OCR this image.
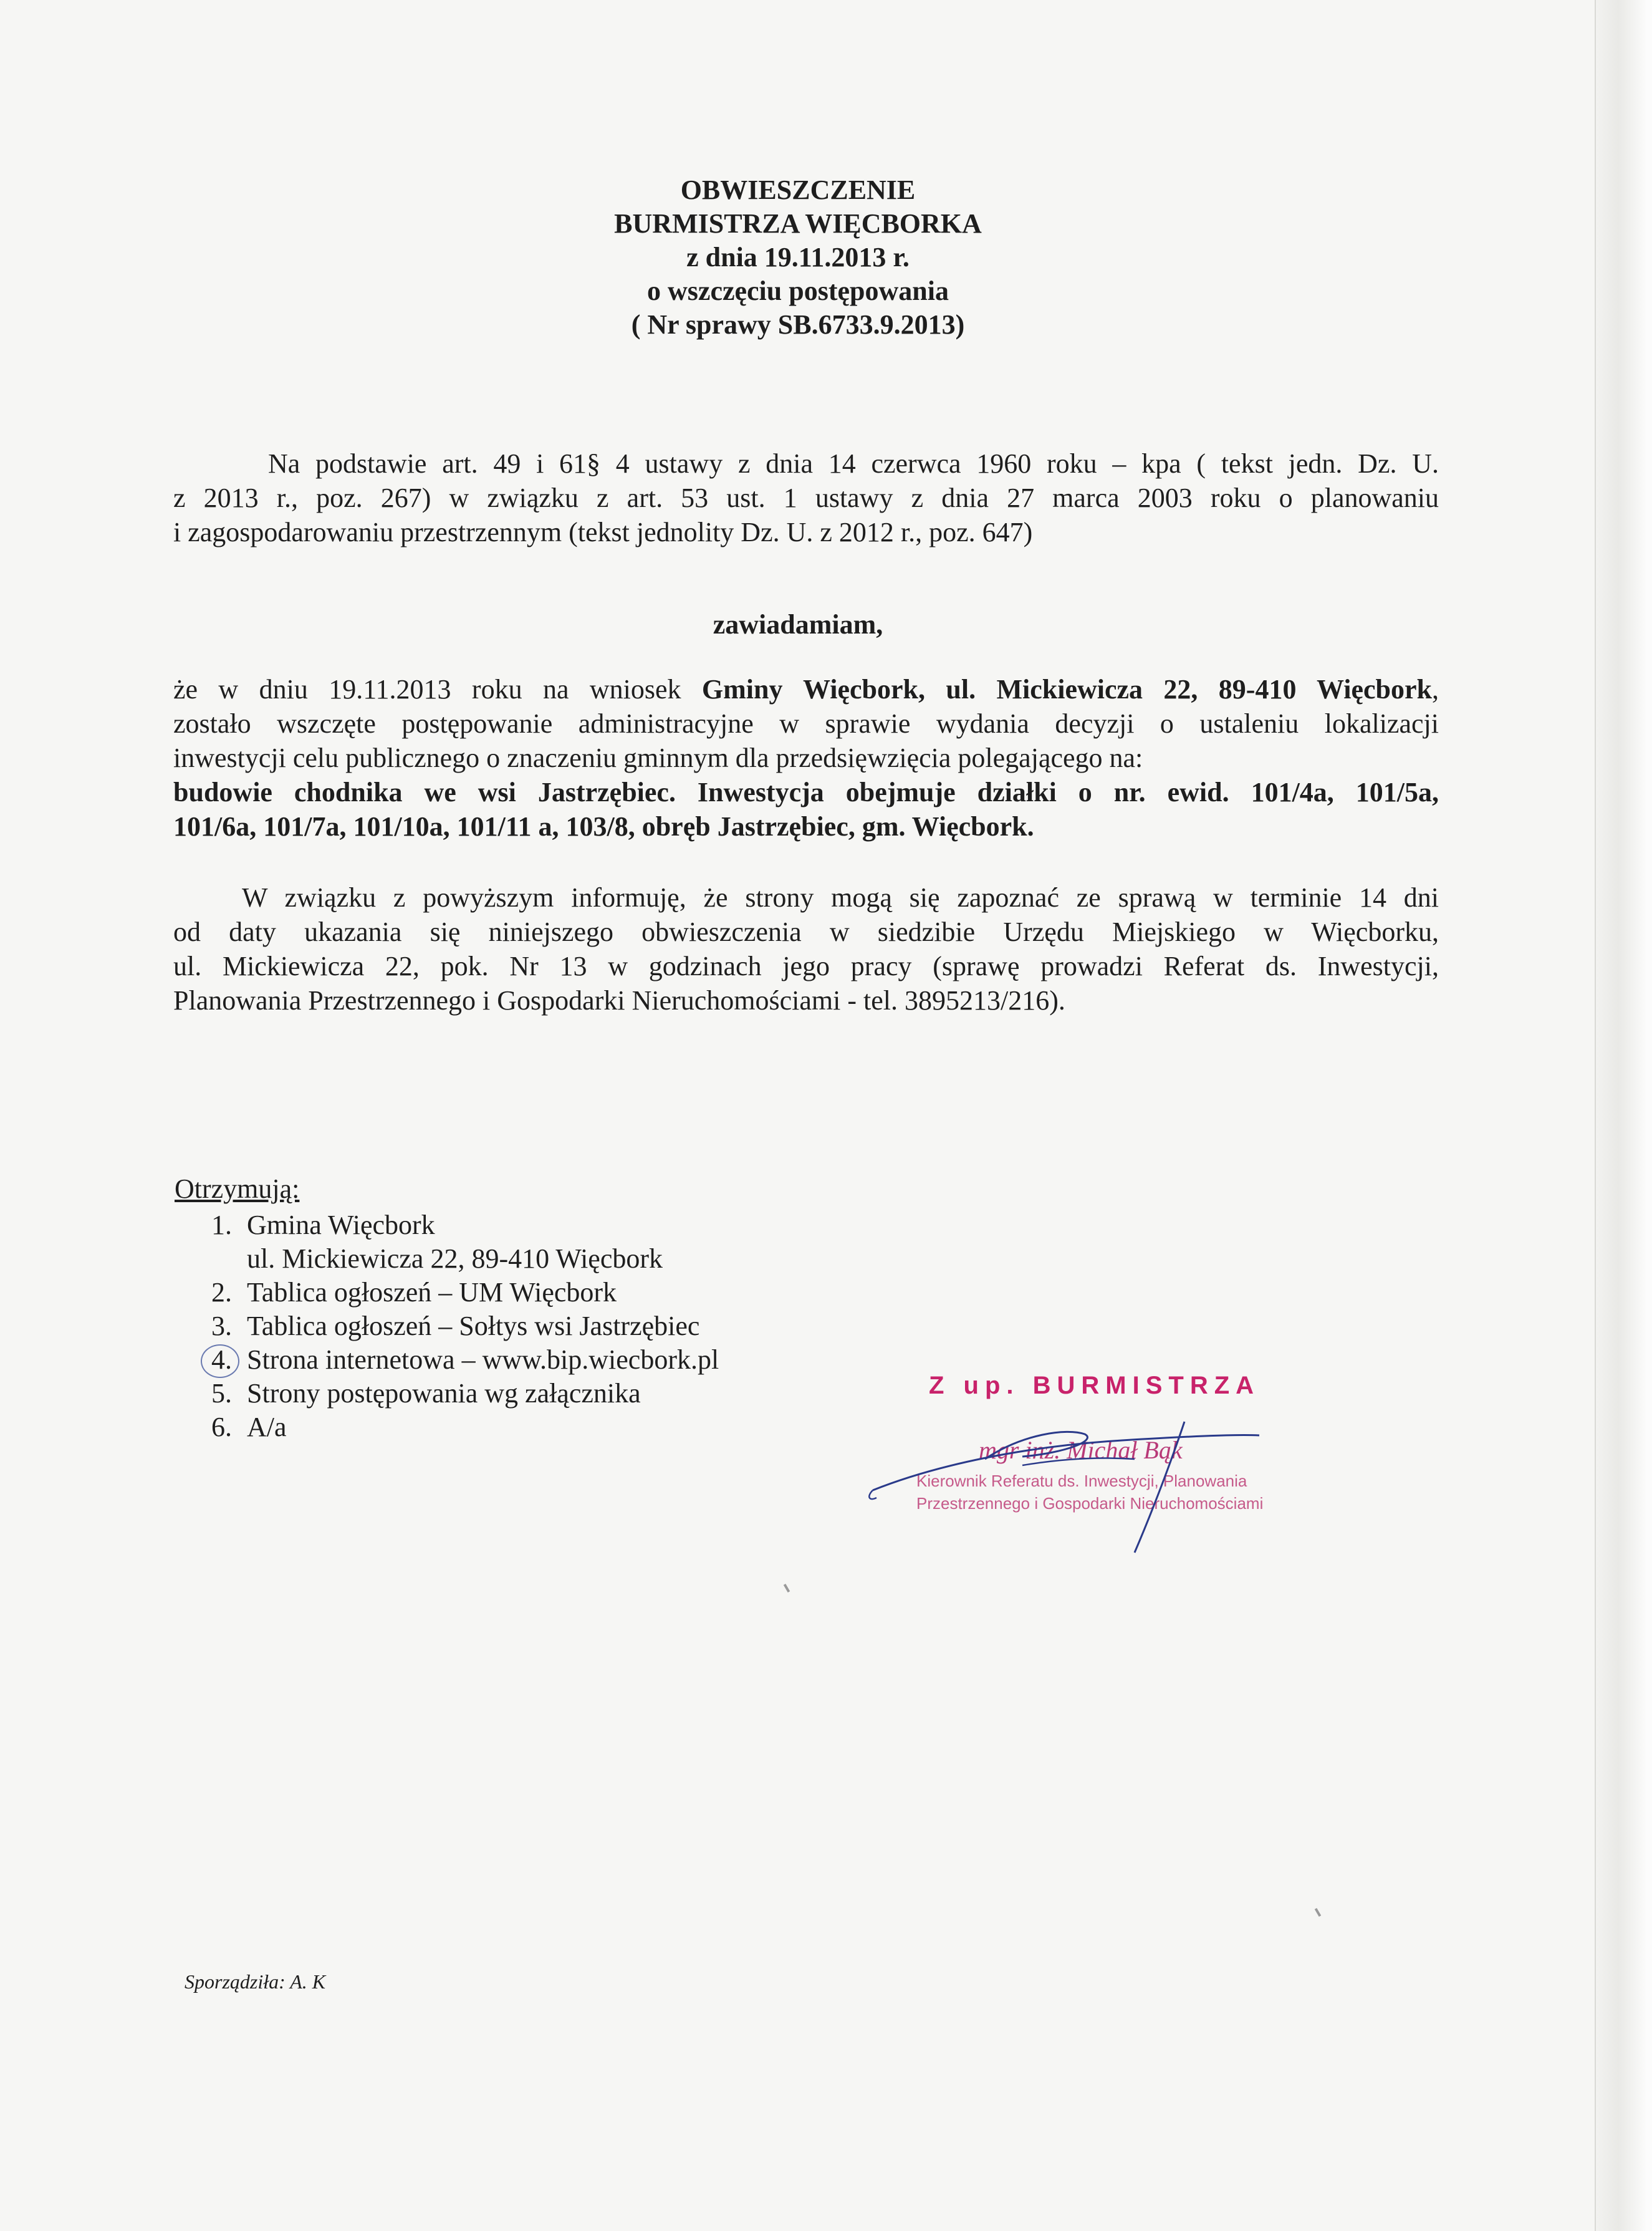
OBWIESZCZENIE
BURMISTRZA WIĘCBORKA
z dnia 19.11.2013 r.
o wszczęciu postępowania
( Nr sprawy SB.6733.9.2013)
Na podstawie art. 49 i 61§ 4 ustawy z dnia 14 czerwca 1960 roku – kpa ( tekst jedn. Dz. U.
z 2013 r., poz. 267) w związku z art. 53 ust. 1 ustawy z dnia 27 marca 2003 roku o planowaniu
i zagospodarowaniu przestrzennym (tekst jednolity Dz. U. z 2012 r., poz. 647)
zawiadamiam,
że w dniu 19.11.2013 roku na wniosek Gminy Więcbork, ul. Mickiewicza 22, 89-410 Więcbork,
zostało wszczęte postępowanie administracyjne w sprawie wydania decyzji o ustaleniu lokalizacji
inwestycji celu publicznego o znaczeniu gminnym dla przedsięwzięcia polegającego na:
budowie chodnika we wsi Jastrzębiec. Inwestycja obejmuje działki o nr. ewid. 101/4a, 101/5a,
101/6a, 101/7a, 101/10a, 101/11 a, 103/8, obręb Jastrzębiec, gm. Więcbork.
W związku z powyższym informuję, że strony mogą się zapoznać ze sprawą w terminie 14 dni
od daty ukazania się niniejszego obwieszczenia w siedzibie Urzędu Miejskiego w Więcborku,
ul. Mickiewicza 22, pok. Nr 13 w godzinach jego pracy (sprawę prowadzi Referat ds. Inwestycji,
Planowania Przestrzennego i Gospodarki Nieruchomościami - tel. 3895213/216).
Otrzymują:
1. Gmina Więcbork
ul. Mickiewicza 22, 89-410 Więcbork
2. Tablica ogłoszeń – UM Więcbork
3. Tablica ogłoszeń – Sołtys wsi Jastrzębiec
4. Strona internetowa – www.bip.wiecbork.pl
5. Strony postępowania wg załącznika
6. A/a
Z up. BURMISTRZA
mgr inż. Michał Bąk
Kierownik Referatu ds. Inwestycji, Planowania
Przestrzennego i Gospodarki Nieruchomościami
Sporządziła: A. K
